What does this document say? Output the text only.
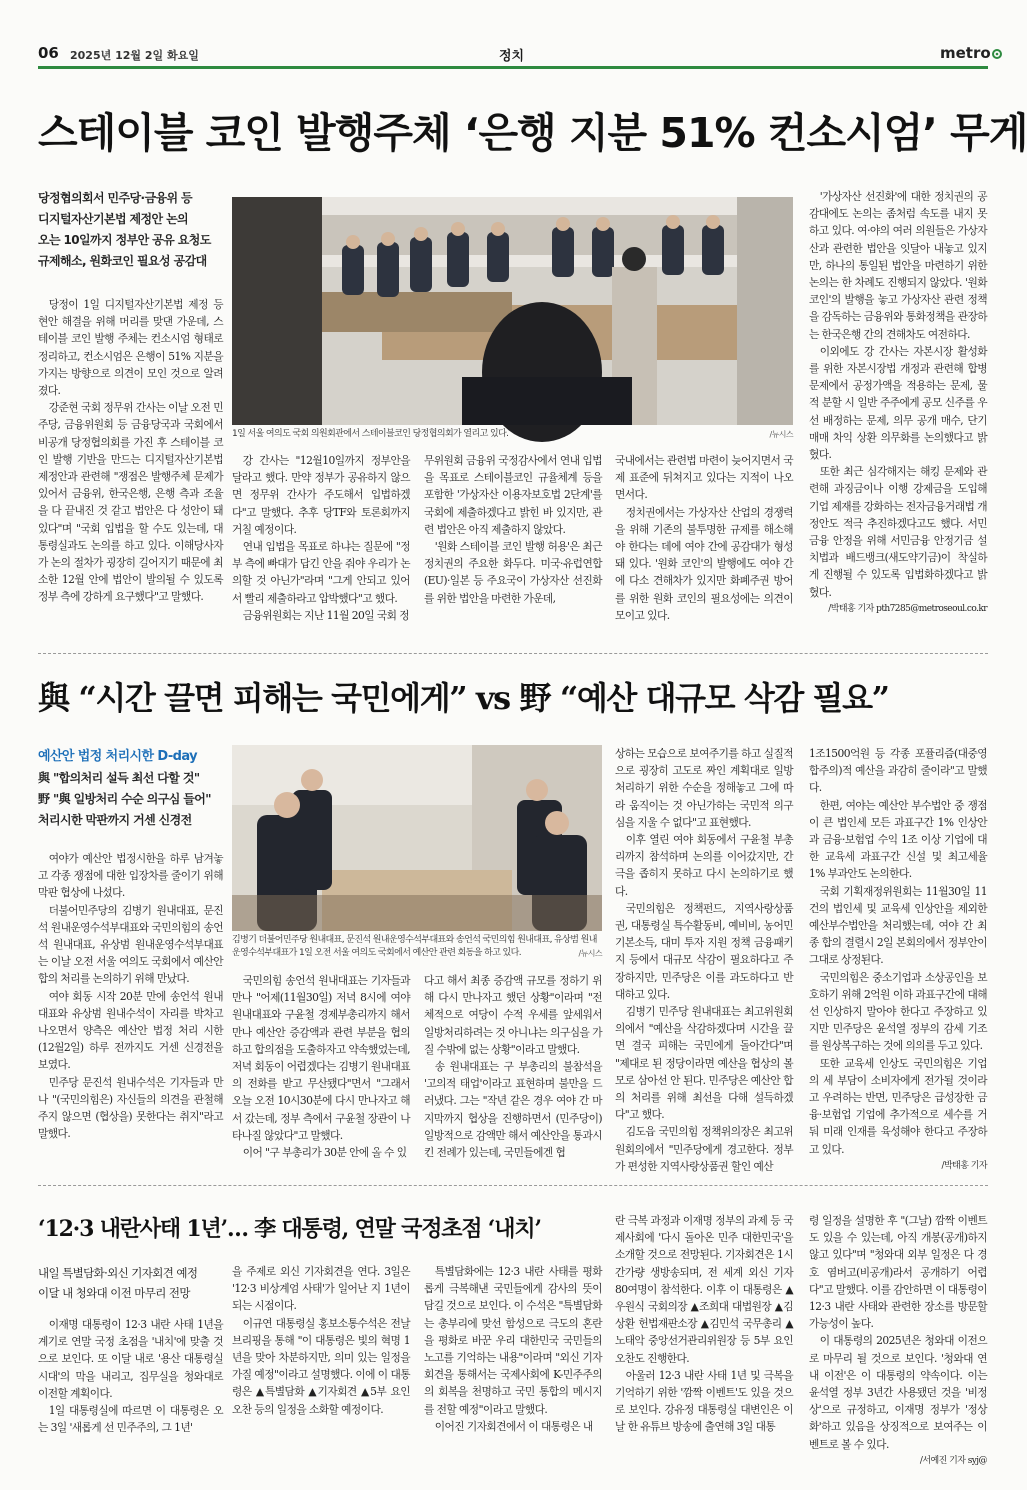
06 2025년 12월 2일 화요일	정치	metro
스테이블 코인 발행주체 ‘은행 지분 51% 컨소시엄’ 무게

당정협의회서 민주당·금융위 등

디지털자산기본법 제정안 논의

오는 10일까지 정부안 공유 요청도

규제해소, 원화코인 필요성 공감대

1일 서울 여의도 국회 의원회관에서 스테이블코인 당정협의회가 열리고 있다.	/뉴시스

당정이 1일 디지털자산기본법 제정 등 현안 해결을 위해 머리를 맞댄 가운데, 스테이블 코인 발행 주체는 컨소시엄 형태로 정리하고, 컨소시엄은 은행이 51% 지분을 가지는 방향으로 의견이 모인 것으로 알려졌다.

강준현 국회 정무위 간사는 이날 오전 민주당, 금융위원회 등 금융당국과 국회에서 비공개 당정협의회를 가진 후 스테이블 코인 발행 기반을 만드는 디지털자산기본법 제정안과 관련해 "쟁점은 발행주체 문제가 있어서 금융위, 한국은행, 은행 측과 조율을 다 끝내진 것 같고 법안은 다 성안이 돼 있다"며 "국회 입법을 할 수도 있는데, 대통령실과도 논의를 하고 있다. 이해당사자가 논의 절차가 굉장히 길어지기 때문에 최소한 12월 안에 법안이 발의될 수 있도록 정부 측에 강하게 요구했다"고 말했다.

강 간사는 "12월10일까지 정부안을 달라고 했다. 만약 정부가 공유하지 않으면 정무위 간사가 주도해서 입법하겠다"고 말했다. 추후 당TF와 토론회까지 거칠 예정이다.

연내 입법을 목표로 하냐는 질문에 "정부 측에 빠대가 답긴 안을 줘야 우리가 논의할 것 아닌가"라며 "그게 안되고 있어서 빨리 제출하라고 압박했다"고 했다.

금융위원회는 지난 11월 20일 국회 정

무위원회 금융위 국정감사에서 연내 입법을 목표로 스테이블코인 규율체계 등을 포함한 '가상자산 이용자보호법 2단계'를 국회에 제출하겠다고 밝힌 바 있지만, 관련 법안은 아직 제출하지 않았다.

'원화 스테이블 코인 발행 허용'은 최근 정치권의 주요한 화두다. 미국·유럽연합(EU)·일본 등 주요국이 가상자산 선진화를 위한 법안을 마련한 가운데,

국내에서는 관련법 마련이 늦어지면서 국제 표준에 뒤쳐지고 있다는 지적이 나오면서다.

정치권에서는 가상자산 산업의 경쟁력을 위해 기존의 불투명한 규제를 해소해야 한다는 데에 여야 간에 공감대가 형성돼 있다. '원화 코인'의 발행에도 여야 간에 다소 견해차가 있지만 화폐주권 방어를 위한 원화 코인의 필요성에는 의견이 모이고 있다.

'가상자산 선진화'에 대한 정치권의 공감대에도 논의는 좀처럼 속도를 내지 못하고 있다. 여·야의 여러 의원들은 가상자산과 관련한 법안을 잇달아 내놓고 있지만, 하나의 통일된 법안을 마련하기 위한 논의는 한 차례도 진행되지 않았다. '원화 코인'의 발행을 놓고 가상자산 관련 정책을 감독하는 금융위와 통화정책을 관장하는 한국은행 간의 견해차도 여전하다.

이외에도 강 간사는 자본시장 활성화를 위한 자본시장법 개정과 관련해 합병 문제에서 공정가액을 적용하는 문제, 물적 분할 시 일반 주주에게 공모 신주를 우선 배정하는 문제, 의무 공개 매수, 단기 매매 차익 상환 의무화를 논의했다고 밝혔다.

또한 최근 심각해지는 해킹 문제와 관련해 과징금이나 이행 강제금을 도입해 기업 제재를 강화하는 전자금융거래법 개정안도 적극 추진하겠다고도 했다. 서민금융 안정을 위해 서민금융 안정기금 설치법과 배드뱅크(새도약기금)이 착실하게 진행될 수 있도록 입법화하겠다고 밝혔다.

/박태홍 기자 pth7285@metroseoul.co.kr

與 “시간 끌면 피해는 국민에게” vs 野 “예산 대규모 삭감 필요”
예산안 법정 처리시한 D-day

與 "합의처리 설득 최선 다할 것"

野 "與 일방처리 수순 의구심 들어"

처리시한 막판까지 거센 신경전

여야가 예산안 법정시한을 하루 남겨놓고 각종 쟁점에 대한 입장차를 줄이기 위해 막판 협상에 나섰다.

더불어민주당의 김병기 원내대표, 문진석 원내운영수석부대표와 국민의힘의 송언석 원내대표, 유상범 원내운영수석부대표는 이날 오전 서울 여의도 국회에서 예산안 합의 처리를 논의하기 위해 만났다.

여야 회동 시작 20분 만에 송언석 원내대표와 유상범 원내수석이 자리를 박차고 나오면서 양측은 예산안 법정 처리 시한(12월2일) 하루 전까지도 거센 신경전을 보였다.

민주당 문진석 원내수석은 기자들과 만나 "(국민의힘은) 자신들의 의견을 관철해주지 않으면 (협상을) 못한다는 취지"라고 말했다.

김병기 더불어민주당 원내대표, 문진석 원내운영수석부대표와 송언석 국민의힘 원내대표, 유상범 원내운영수석부대표가 1일 오전 서울 여의도 국회에서 예산안 관련 회동을 하고 있다.	/뉴시스

국민의힘 송언석 원내대표는 기자들과 만나 "어제(11월30일) 저녁 8시에 여야 원내대표와 구윤철 경제부총리까지 해서 만나 예산안 증감액과 관련 부분을 협의 하고 합의점을 도출하자고 약속했었는데, 저녁 회동이 어렵겠다는 김병기 원내대표의 전화를 받고 무산됐다"면서 "그래서 오늘 오전 10시30분에 다시 만나자고 해서 갔는데, 정부 측에서 구윤철 장관이 나타나질 않았다"고 말했다.

이어 "구 부총리가 30분 안에 올 수 있

다고 해서 최종 증감액 규모를 정하기 위해 다시 만나자고 했던 상황"이라며 "전체적으로 여당이 수적 우세를 앞세워서 일방처리하려는 것 아니냐는 의구심을 가질 수밖에 없는 상황"이라고 말했다.

송 원내대표는 구 부총리의 불참석을 '고의적 태업'이라고 표현하며 불만을 드러냈다. 그는 "작년 같은 경우 여야 간 마지막까지 협상을 진행하면서 (민주당이) 일방적으로 감액만 해서 예산안을 통과시킨 전례가 있는데, 국민들에겐 협

상하는 모습으로 보여주기를 하고 실질적으로 굉장히 고도로 짜인 계획대로 일방처리하기 위한 수순을 정해놓고 그에 따라 움직이는 것 아닌가하는 국민적 의구심을 지울 수 없다"고 표현했다.

이후 열린 여야 회동에서 구윤철 부총리까지 참석하며 논의를 이어갔지만, 간극을 좁히지 못하고 다시 논의하기로 했다.

국민의힘은 정책펀드, 지역사랑상품권, 대통령실 특수활동비, 예비비, 농어민기본소득, 대미 투자 지원 정책 금융패키지 등에서 대규모 삭감이 필요하다고 주장하지만, 민주당은 이를 과도하다고 반대하고 있다.

김병기 민주당 원내대표는 최고위원회의에서 "예산을 삭감하겠다며 시간을 끌면 결국 피해는 국민에게 돌아간다"며 "제대로 된 정당이라면 예산을 협상의 볼모로 삼아선 안 된다. 민주당은 예산안 합의 처리를 위해 최선을 다해 설득하겠다"고 했다.

김도읍 국민의힘 정책위의장은 최고위원회의에서 "민주당에게 경고한다. 정부가 편성한 지역사랑상품권 할인 예산

1조1500억원 등 각종 포퓰리즘(대중영합주의)적 예산을 과감히 줄이라"고 말했다.

한편, 여야는 예산안 부수법안 중 쟁점이 큰 법인세 모든 과표구간 1% 인상안과 금융·보험업 수익 1조 이상 기업에 대한 교육세 과표구간 신설 및 최고세율 1% 부과안도 논의한다.

국회 기획재정위원회는 11월30일 11건의 법인세 및 교육세 인상안을 제외한 예산부수법안을 처리했는데, 여야 간 최종 합의 결렬시 2일 본회의에서 정부안이 그대로 상정된다.

국민의힘은 중소기업과 소상공인을 보호하기 위해 2억원 이하 과표구간에 대해선 인상하지 말아야 한다고 주장하고 있지만 민주당은 윤석열 정부의 감세 기조를 원상복구하는 것에 의의를 두고 있다.

또한 교육세 인상도 국민의힘은 기업의 세 부담이 소비자에게 전가될 것이라고 우려하는 반면, 민주당은 급성장한 금융·보험업 기업에 추가적으로 세수를 거둬 미래 인재를 육성해야 한다고 주장하고 있다.

/박태홍 기자

‘12·3 내란사태 1년’… 李 대통령, 연말 국정초점 ‘내치’
내일 특별담화·외신 기자회견 예정
이달 내 청와대 이전 마무리 전망

이재명 대통령이 12·3 내란 사태 1년을 계기로 연말 국정 초점을 '내치'에 맞출 것으로 보인다. 또 이달 내로 '용산 대통령실 시대'의 막을 내리고, 집무실을 청와대로 이전할 계획이다.

1일 대통령실에 따르면 이 대통령은 오는 3일 '새롭게 선 민주주의, 그 1년'

을 주제로 외신 기자회견을 연다. 3일은 '12·3 비상계엄 사태'가 일어난 지 1년이 되는 시점이다.

이규연 대통령실 홍보소통수석은 전날 브리핑을 통해 "이 대통령은 빛의 혁명 1년을 맞아 차분하지만, 의미 있는 일정을 가질 예정"이라고 설명했다. 이에 이 대통령은 ▲특별담화 ▲기자회견 ▲5부 요인 오찬 등의 일정을 소화할 예정이다.

특별담화에는 12·3 내란 사태를 평화롭게 극복해낸 국민들에게 감사의 뜻이 담길 것으로 보인다. 이 수석은 "특별담화는 총부리에 맞선 함성으로 극도의 혼란을 평화로 바꾼 우리 대한민국 국민들의 노고를 기억하는 내용"이라며 "외신 기자회견을 통해서는 국제사회에 K-민주주의의 회복을 천명하고 국민 통합의 메시지를 전할 예정"이라고 말했다.

이어진 기자회견에서 이 대통령은 내

란 극복 과정과 이재명 정부의 과제 등 국제사회에 '다시 돌아온 민주 대한민국'을 소개할 것으로 전망된다. 기자회견은 1시간가량 생방송되며, 전 세계 외신 기자 80여명이 참석한다. 이후 이 대통령은 ▲우원식 국회의장 ▲조희대 대법원장 ▲김상환 헌법재판소장 ▲김민석 국무총리 ▲노태악 중앙선거관리위원장 등 5부 요인 오찬도 진행한다.

아울러 12·3 내란 사태 1년 및 극복을 기억하기 위한 '깜짝 이벤트'도 있을 것으로 보인다. 강유정 대통령실 대변인은 이날 한 유튜브 방송에 출연해 3일 대통

령 일정을 설명한 후 "(그날) 깜짝 이벤트도 있을 수 있는데, 아직 개봉(공개)하지 않고 있다"며 "청와대 외부 일정은 다 경호 염버고(비공개)라서 공개하기 어렵다"고 말했다. 이를 감안하면 이 대통령이 12·3 내란 사태와 관련한 장소를 방문할 가능성이 높다.

이 대통령의 2025년은 청와대 이전으로 마무리 될 것으로 보인다. '청와대 연내 이전'은 이 대통령의 약속이다. 이는 윤석열 정부 3년간 사용됐던 것을 '비정상'으로 규정하고, 이재명 정부가 '정상화'하고 있음을 상징적으로 보여주는 이벤트로 볼 수 있다.

/서예진 기자 syj@
